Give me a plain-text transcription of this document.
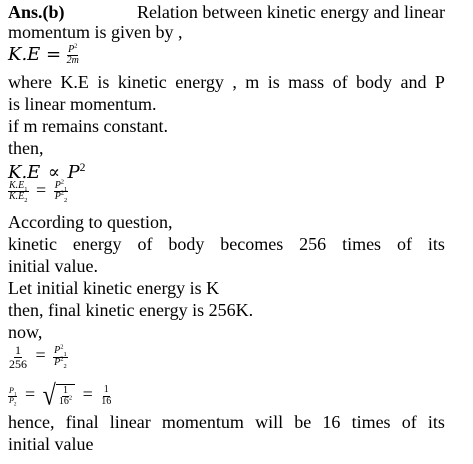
Ans.(b)	Relation between kinetic energy and linear

momentum is given by ,

$K.E = \frac{P^2}{2m}$

where K.E is kinetic energy , m is mass of body and P

is linear momentum.

if m remains constant.

then,

$K.E \propto P^2$

$\frac{K.E_1}{K.E_2} = \frac{P^2_1}{P^2_2}$

According to question,

kinetic energy of body becomes 256 times of its

initial value.

Let initial kinetic energy is K

then, final kinetic energy is 256K.

now,

$\frac{1}{256} = \frac{P^2_1}{P^2_2}$

$\frac{P_1}{P_2}$ = √ $\frac{1}{16^2} = \frac{1}{16}$

hence, final linear momentum will be 16 times of its

initial value
